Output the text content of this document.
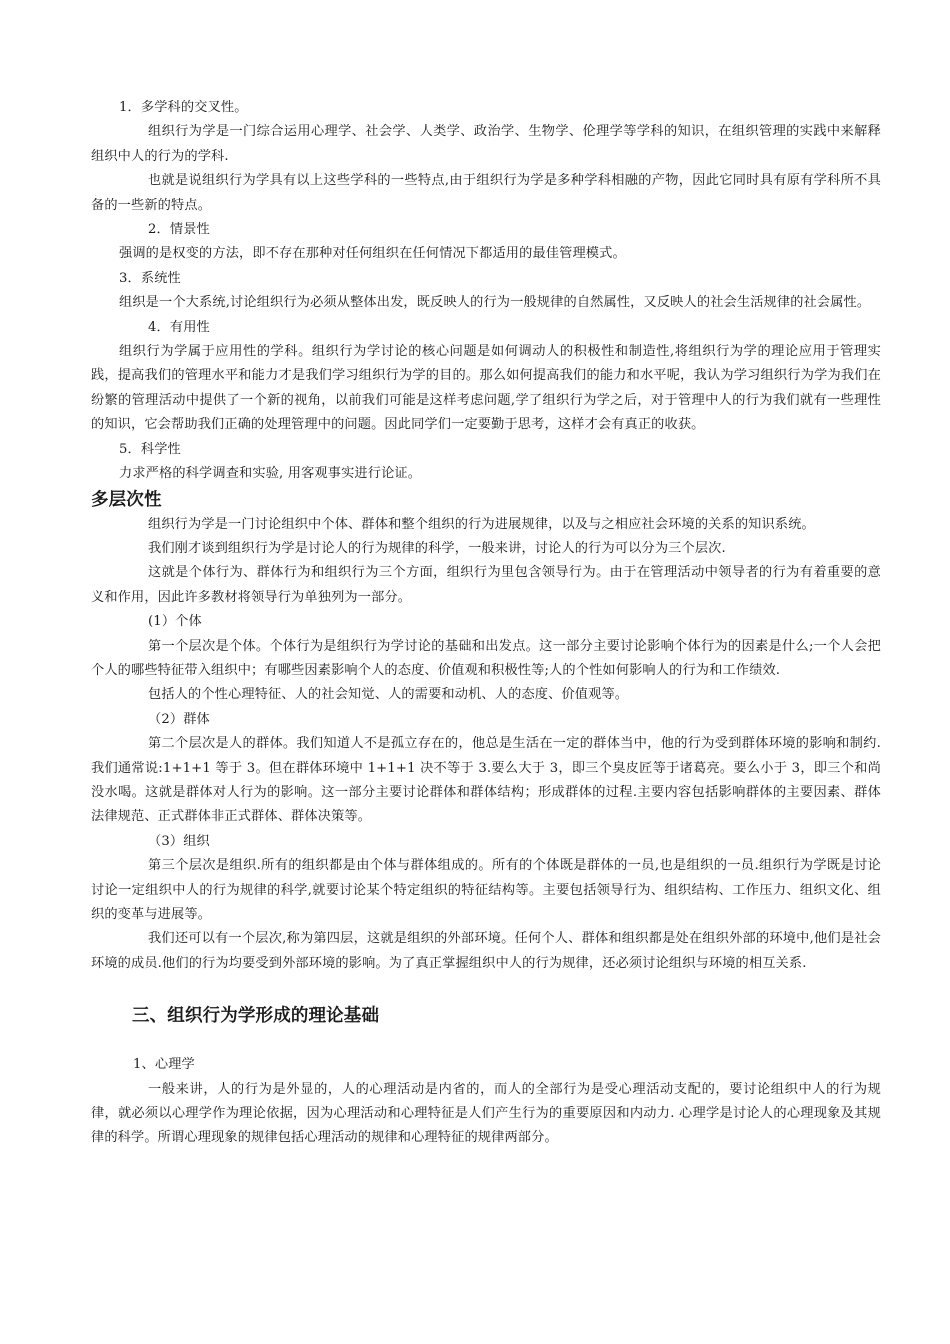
1．多学科的交叉性。

组织行为学是一门综合运用心理学、社会学、人类学、政治学、生物学、伦理学等学科的知识，在组织管理的实践中来解释组织中人的行为的学科.

也就是说组织行为学具有以上这些学科的一些特点,由于组织行为学是多种学科相融的产物，因此它同时具有原有学科所不具备的一些新的特点。

2．情景性

强调的是权变的方法，即不存在那种对任何组织在任何情况下都适用的最佳管理模式。

3．系统性

组织是一个大系统,讨论组织行为必须从整体出发，既反映人的行为一般规律的自然属性，又反映人的社会生活规律的社会属性。

4．有用性

组织行为学属于应用性的学科。组织行为学讨论的核心问题是如何调动人的积极性和制造性,将组织行为学的理论应用于管理实践，提高我们的管理水平和能力才是我们学习组织行为学的目的。那么如何提高我们的能力和水平呢，我认为学习组织行为学为我们在纷繁的管理活动中提供了一个新的视角，以前我们可能是这样考虑问题,学了组织行为学之后，对于管理中人的行为我们就有一些理性的知识，它会帮助我们正确的处理管理中的问题。因此同学们一定要勤于思考，这样才会有真正的收获。

5．科学性

力求严格的科学调查和实验, 用客观事实进行论证。

多层次性

组织行为学是一门讨论组织中个体、群体和整个组织的行为进展规律，以及与之相应社会环境的关系的知识系统。

我们刚才谈到组织行为学是讨论人的行为规律的科学，一般来讲，讨论人的行为可以分为三个层次.

这就是个体行为、群体行为和组织行为三个方面，组织行为里包含领导行为。由于在管理活动中领导者的行为有着重要的意义和作用，因此许多教材将领导行为单独列为一部分。

(1）个体

第一个层次是个体。个体行为是组织行为学讨论的基础和出发点。这一部分主要讨论影响个体行为的因素是什么;一个人会把个人的哪些特征带入组织中；有哪些因素影响个人的态度、价值观和积极性等;人的个性如何影响人的行为和工作绩效.

包括人的个性心理特征、人的社会知觉、人的需要和动机、人的态度、价值观等。

（2）群体

第二个层次是人的群体。我们知道人不是孤立存在的，他总是生活在一定的群体当中，他的行为受到群体环境的影响和制约.我们通常说:1+1+1 等于 3。但在群体环境中 1+1+1 决不等于 3.要么大于 3，即三个臭皮匠等于诸葛亮。要么小于 3，即三个和尚没水喝。这就是群体对人行为的影响。这一部分主要讨论群体和群体结构；形成群体的过程.主要内容包括影响群体的主要因素、群体法律规范、正式群体非正式群体、群体决策等。

（3）组织

第三个层次是组织.所有的组织都是由个体与群体组成的。所有的个体既是群体的一员,也是组织的一员.组织行为学既是讨论讨论一定组织中人的行为规律的科学,就要讨论某个特定组织的特征结构等。主要包括领导行为、组织结构、工作压力、组织文化、组织的变革与进展等。

我们还可以有一个层次,称为第四层，这就是组织的外部环境。任何个人、群体和组织都是处在组织外部的环境中,他们是社会环境的成员.他们的行为均要受到外部环境的影响。为了真正掌握组织中人的行为规律，还必须讨论组织与环境的相互关系.

三、组织行为学形成的理论基础

1、心理学

一般来讲，人的行为是外显的，人的心理活动是内省的，而人的全部行为是受心理活动支配的，要讨论组织中人的行为规律，就必须以心理学作为理论依据，因为心理活动和心理特征是人们产生行为的重要原因和内动力. 心理学是讨论人的心理现象及其规律的科学。所谓心理现象的规律包括心理活动的规律和心理特征的规律两部分。
